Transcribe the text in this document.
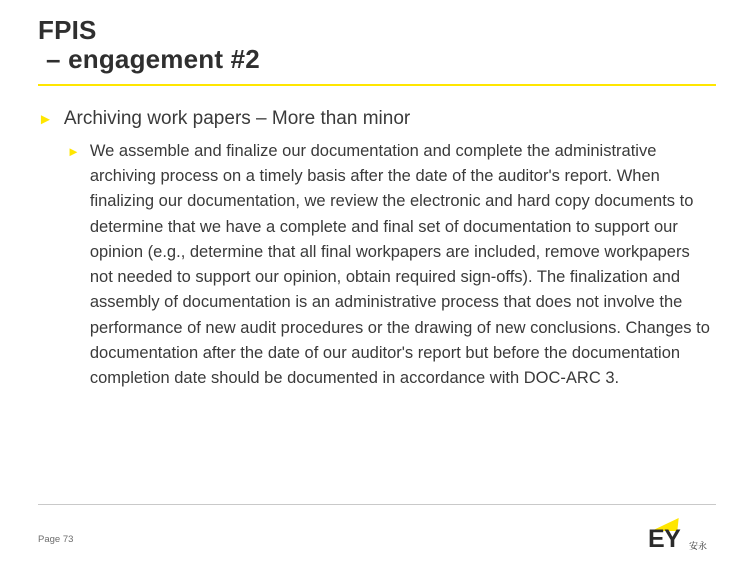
FPIS
– engagement #2
► Archiving work papers – More than minor
► We assemble and finalize our documentation and complete the administrative archiving process on a timely basis after the date of the auditor's report. When finalizing our documentation, we review the electronic and hard copy documents to determine that we have a complete and final set of documentation to support our opinion (e.g., determine that all final workpapers are included, remove workpapers not needed to support our opinion, obtain required sign-offs). The finalization and assembly of documentation is an administrative process that does not involve the performance of new audit procedures or the drawing of new conclusions. Changes to documentation after the date of our auditor's report but before the documentation completion date should be documented in accordance with DOC-ARC 3.
Page 73	EY 安永
